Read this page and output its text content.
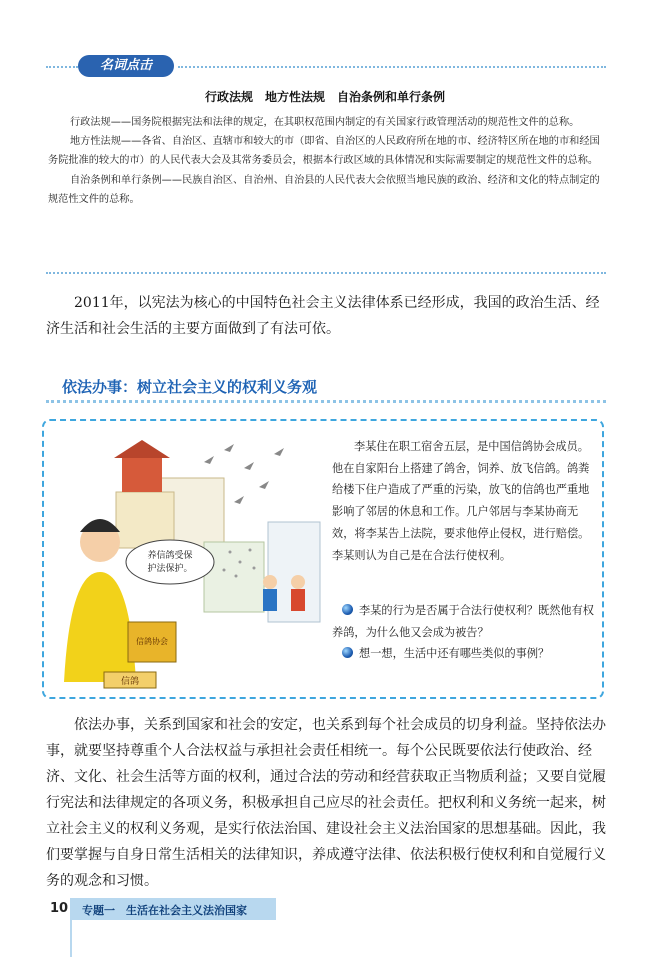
名词点击
行政法规　地方性法规　自治条例和单行条例

行政法规——国务院根据宪法和法律的规定，在其职权范围内制定的有关国家行政管理活动的规范性文件的总称。

地方性法规——各省、自治区、直辖市和较大的市（即省、自治区的人民政府所在地的市、经济特区所在地的市和经国务院批准的较大的市）的人民代表大会及其常务委员会，根据本行政区域的具体情况和实际需要制定的规范性文件的总称。

自治条例和单行条例——民族自治区、自治州、自治县的人民代表大会依照当地民族的政治、经济和文化的特点制定的规范性文件的总称。

2011年，以宪法为核心的中国特色社会主义法律体系已经形成，我国的政治生活、经济生活和社会生活的主要方面做到了有法可依。
依法办事：树立社会主义的权利义务观
养信鸽受保
护法保护。
信鸽协会
信鸽
李某住在职工宿舍五层，是中国信鸽协会成员。他在自家阳台上搭建了鸽舍，饲养、放飞信鸽。鸽粪给楼下住户造成了严重的污染，放飞的信鸽也严重地影响了邻居的休息和工作。几户邻居与李某协商无效，将李某告上法院，要求他停止侵权，进行赔偿。李某则认为自己是在合法行使权利。
李某的行为是否属于合法行使权利？既然他有权养鸽，为什么他又会成为被告？
想一想，生活中还有哪些类似的事例？
依法办事，关系到国家和社会的安定，也关系到每个社会成员的切身利益。坚持依法办事，就要坚持尊重个人合法权益与承担社会责任相统一。每个公民既要依法行使政治、经济、文化、社会生活等方面的权利，通过合法的劳动和经营获取正当物质利益；又要自觉履行宪法和法律规定的各项义务，积极承担自己应尽的社会责任。把权利和义务统一起来，树立社会主义的权利义务观，是实行依法治国、建设社会主义法治国家的思想基础。因此，我们要掌握与自身日常生活相关的法律知识，养成遵守法律、依法积极行使权利和自觉履行义务的观念和习惯。
10 专题一　生活在社会主义法治国家
